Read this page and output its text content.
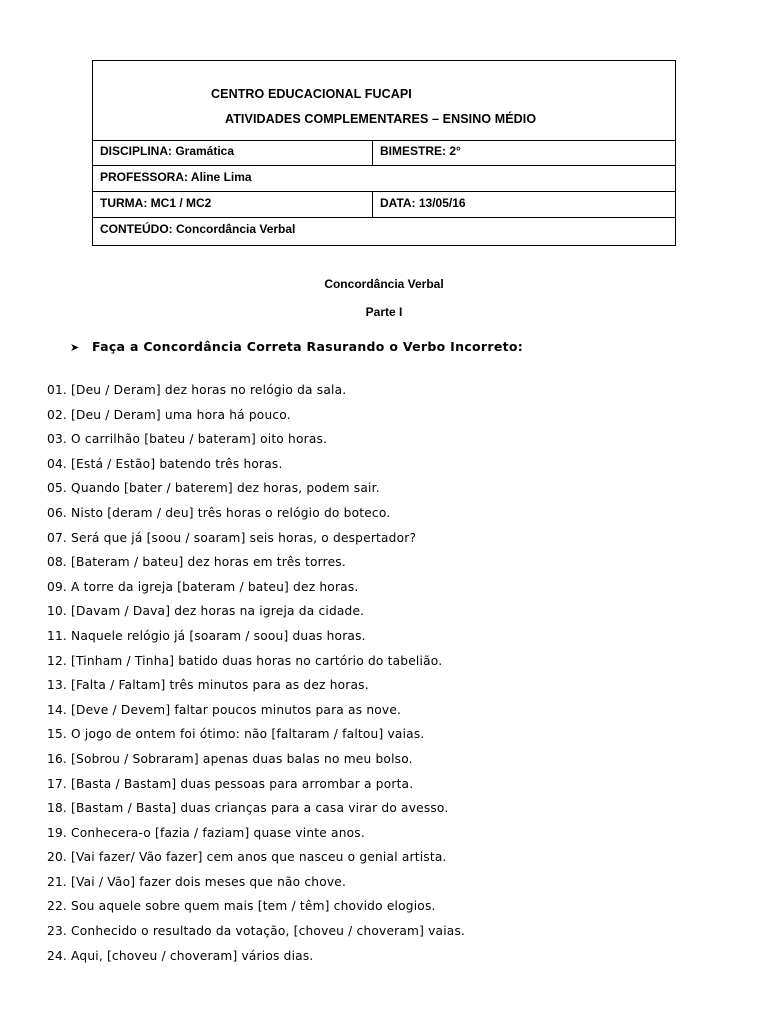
CENTRO EDUCACIONAL FUCAPI
ATIVIDADES COMPLEMENTARES – ENSINO MÉDIO
DISCIPLINA: Gramática	BIMESTRE: 2°
PROFESSORA: Aline Lima
TURMA: MC1 / MC2	DATA: 13/05/16
CONTEÚDO: Concordância Verbal
Concordância Verbal
Parte I
➤ Faça a Concordância Correta Rasurando o Verbo Incorreto:
01. [Deu / Deram] dez horas no relógio da sala.
02. [Deu / Deram] uma hora há pouco.
03. O carrilhão [bateu / bateram] oito horas.
04. [Está / Estão] batendo três horas.
05. Quando [bater / baterem] dez horas, podem sair.
06. Nisto [deram / deu] três horas o relógio do boteco.
07. Será que já [soou / soaram] seis horas, o despertador?
08. [Bateram / bateu] dez horas em três torres.
09. A torre da igreja [bateram / bateu] dez horas.
10. [Davam / Dava] dez horas na igreja da cidade.
11. Naquele relógio já [soaram / soou] duas horas.
12. [Tinham / Tinha] batido duas horas no cartório do tabelião.
13. [Falta / Faltam] três minutos para as dez horas.
14. [Deve / Devem] faltar poucos minutos para as nove.
15. O jogo de ontem foi ótimo: não [faltaram / faltou] vaias.
16. [Sobrou / Sobraram] apenas duas balas no meu bolso.
17. [Basta / Bastam] duas pessoas para arrombar a porta.
18. [Bastam / Basta] duas crianças para a casa virar do avesso.
19. Conhecera-o [fazia / faziam] quase vinte anos.
20. [Vai fazer/ Vão fazer] cem anos que nasceu o genial artista.
21. [Vai / Vão] fazer dois meses que não chove.
22. Sou aquele sobre quem mais [tem / têm] chovido elogios.
23. Conhecido o resultado da votação, [choveu / choveram] vaias.
24. Aqui, [choveu / choveram] vários dias.
